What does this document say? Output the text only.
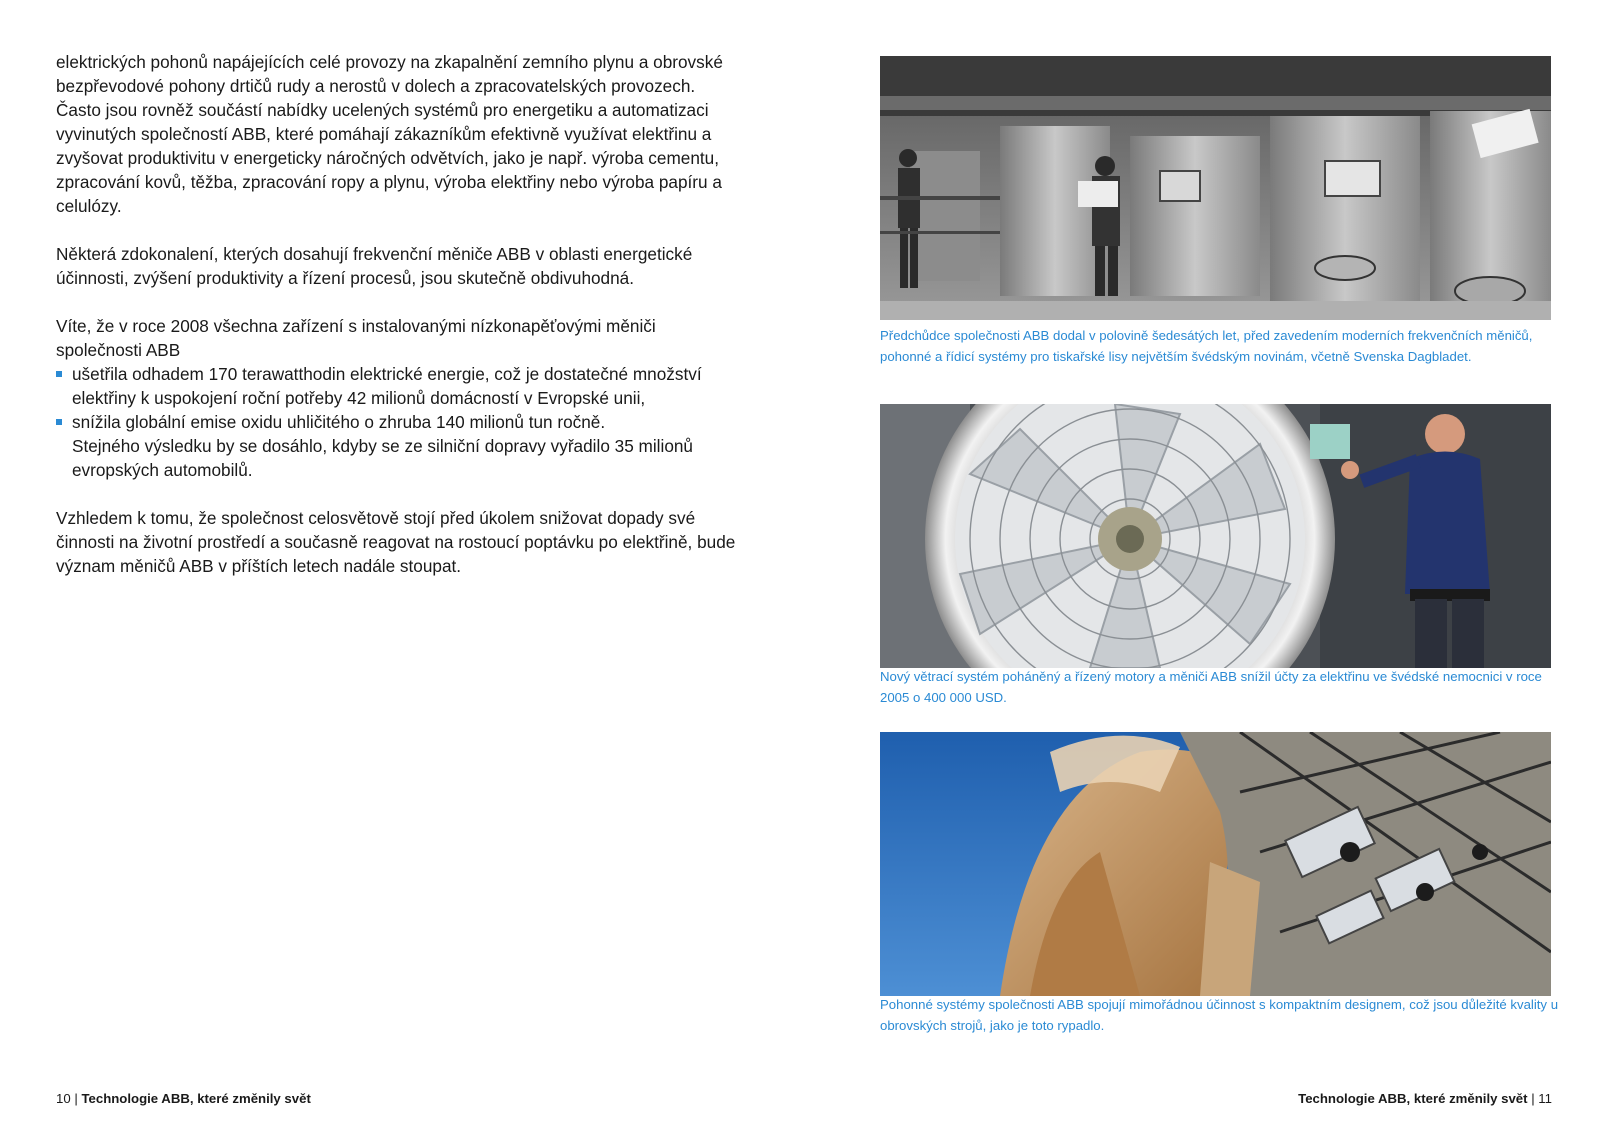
elektrických pohonů napájejících celé provozy na zkapalnění zemního plynu a obrovské bezpřevodové pohony drtičů rudy a nerostů v dolech a zpracovatelských provozech. Často jsou rovněž součástí nabídky ucelených systémů pro energetiku a automatizaci vyvinutých společností ABB, které pomáhají zákazníkům efektivně využívat elektřinu a zvyšovat produktivitu v energeticky náročných odvětvích, jako je např. výroba cementu, zpracování kovů, těžba, zpracování ropy a plynu, výroba elektřiny nebo výroba papíru a celulózy.

Některá zdokonalení, kterých dosahují frekvenční měniče ABB v oblasti energetické účinnosti, zvýšení produktivity a řízení procesů, jsou skutečně obdivuhodná.

Víte, že v roce 2008 všechna zařízení s instalovanými nízkonapěťovými měniči společnosti ABB

ušetřila odhadem 170 terawatthodin elektrické energie, což je dostatečné množství elektřiny k uspokojení roční potřeby 42 milionů domácností v Evropské unii,
snížila globální emise oxidu uhličitého o zhruba 140 milionů tun ročně.
Stejného výsledku by se dosáhlo, kdyby se ze silniční dopravy vyřadilo 35 milionů evropských automobilů.

Vzhledem k tomu, že společnost celosvětově stojí před úkolem snižovat dopady své činnosti na životní prostředí a současně reagovat na rostoucí poptávku po elektřině, bude význam měničů ABB v příštích letech nadále stoupat.

Předchůdce společnosti ABB dodal v polovině šedesátých let, před zavedením moderních frekvenčních měničů, pohonné a řídicí systémy pro tiskařské lisy největším švédským novinám, včetně Svenska Dagbladet.
Nový větrací systém poháněný a řízený motory a měniči ABB snížil účty za elektřinu ve švédské nemocnici v roce 2005 o 400 000 USD.
Pohonné systémy společnosti ABB spojují mimořádnou účinnost s kompaktním designem, což jsou důležité kvality u obrovských strojů, jako je toto rypadlo.
10 | Technologie ABB, které změnily svět	Technologie ABB, které změnily svět | 11
